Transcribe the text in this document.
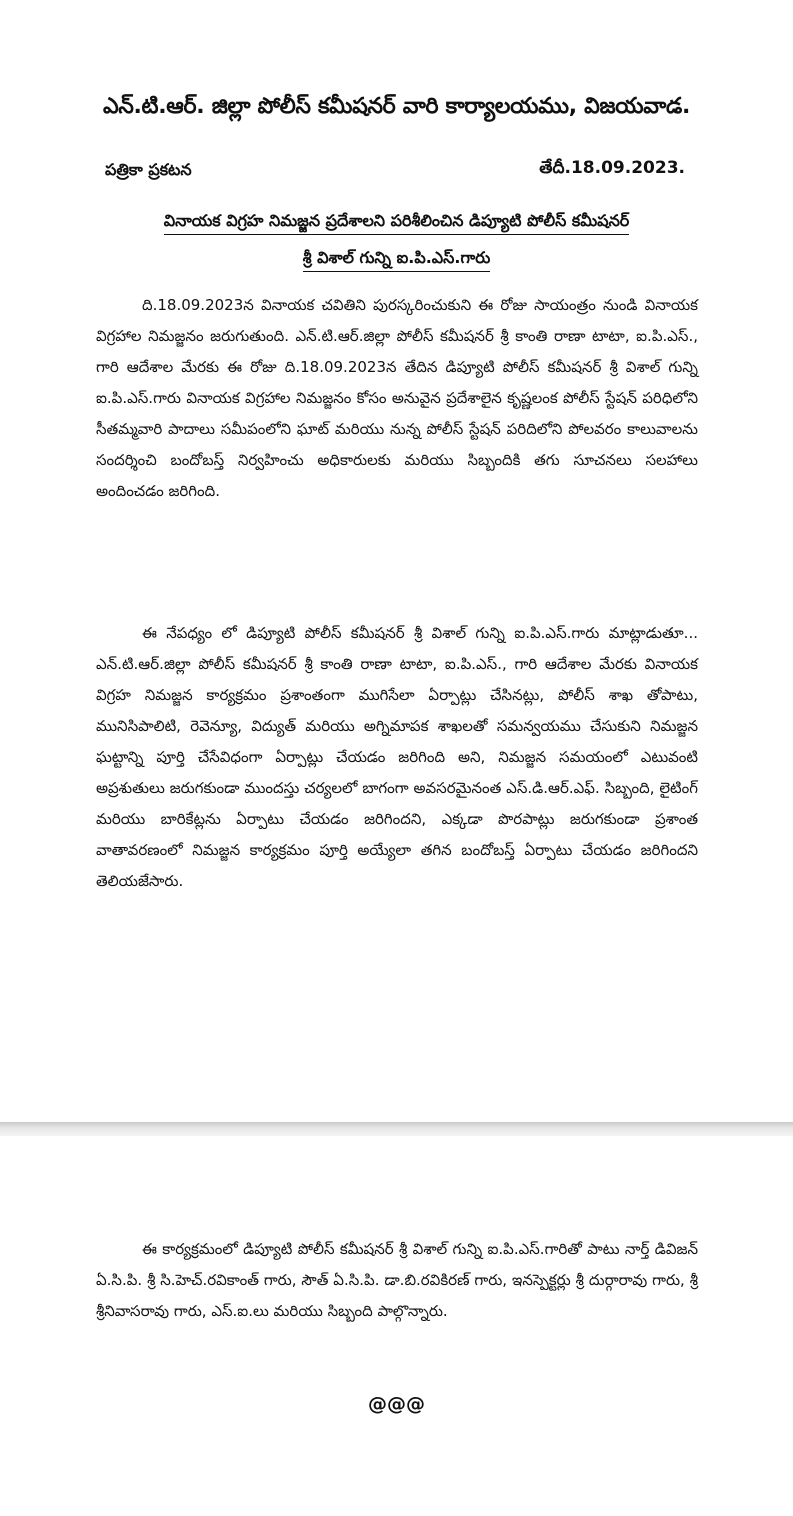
ఎన్.టి.ఆర్. జిల్లా పోలీస్ కమీషనర్ వారి కార్యాలయము, విజయవాడ.
పత్రికా ప్రకటన	తేదీ.18.09.2023.
వినాయక విగ్రహ నిమజ్జన ప్రదేశాలని పరిశీలించిన డిప్యూటి పోలీస్ కమీషనర్
శ్రీ విశాల్ గున్ని ఐ.పి.ఎస్.గారు

ది.18.09.2023న వినాయక చవితిని పురస్కరించుకుని ఈ రోజు సాయంత్రం నుండి వినాయక విగ్రహాల నిమజ్జనం జరుగుతుంది. ఎన్.టి.ఆర్.జిల్లా పోలీస్ కమీషనర్ శ్రీ కాంతి రాణా టాటా, ఐ.పి.ఎస్., గారి ఆదేశాల మేరకు ఈ రోజు ది.18.09.2023న తేదిన డిప్యూటి పోలీస్ కమీషనర్ శ్రీ విశాల్ గున్ని ఐ.పి.ఎస్.గారు వినాయక విగ్రహాల నిమజ్జనం కోసం అనువైన ప్రదేశాలైన కృష్ణలంక పోలీస్ స్టేషన్ పరిధిలోని సీతమ్మవారి పాదాలు సమీపంలోని ఘాట్ మరియు నున్న పోలీస్ స్టేషన్ పరిదిలోని పోలవరం కాలువాలను సందర్శించి బందోబస్త్ నిర్వహించు అధికారులకు మరియు సిబ్బందికి తగు సూచనలు సలహాలు అందించడం జరిగింది.

ఈ నేపధ్యం లో డిప్యూటి పోలీస్ కమీషనర్ శ్రీ విశాల్ గున్ని ఐ.పి.ఎస్.గారు మాట్లాడుతూ... ఎన్.టి.ఆర్.జిల్లా పోలీస్ కమీషనర్ శ్రీ కాంతి రాణా టాటా, ఐ.పి.ఎస్., గారి ఆదేశాల మేరకు వినాయక విగ్రహ నిమజ్జన కార్యక్రమం ప్రశాంతంగా ముగిసేలా ఏర్పాట్లు చేసినట్లు, పోలీస్ శాఖ తోపాటు, మునిసిపాలిటి, రెవెన్యూ, విద్యుత్ మరియు అగ్నిమాపక శాఖలతో సమన్వయము చేసుకుని నిమజ్జన ఘట్టాన్ని పూర్తి చేసేవిధంగా ఏర్పాట్లు చేయడం జరిగింది అని, నిమజ్జన సమయంలో ఎటువంటి అప్రశుతులు జరుగకుండా ముందస్తు చర్యలలో బాగంగా అవసరమైనంత ఎస్.డి.ఆర్.ఎఫ్. సిబ్బంది, లైటింగ్ మరియు బారికేట్లను ఏర్పాటు చేయడం జరిగిందని, ఎక్కడా పొరపాట్లు జరుగకుండా ప్రశాంత వాతావరణంలో నిమజ్జన కార్యక్రమం పూర్తి అయ్యేలా తగిన బందోబస్త్ ఏర్పాటు చేయడం జరిగిందని తెలియజేసారు.

ఈ కార్యక్రమంలో డిప్యూటి పోలీస్ కమీషనర్ శ్రీ విశాల్ గున్ని ఐ.పి.ఎస్.గారితో పాటు నార్త్ డివిజన్ ఏ.సి.పి. శ్రీ సి.హెచ్.రవికాంత్ గారు, సౌత్ ఏ.సి.పి. డా.బి.రవికిరణ్ గారు, ఇనస్పెక్టర్లు శ్రీ దుర్గారావు గారు, శ్రీ శ్రీనివాసరావు గారు, ఎస్.ఐ.లు మరియు సిబ్బంది పాల్గొన్నారు.

@@@
